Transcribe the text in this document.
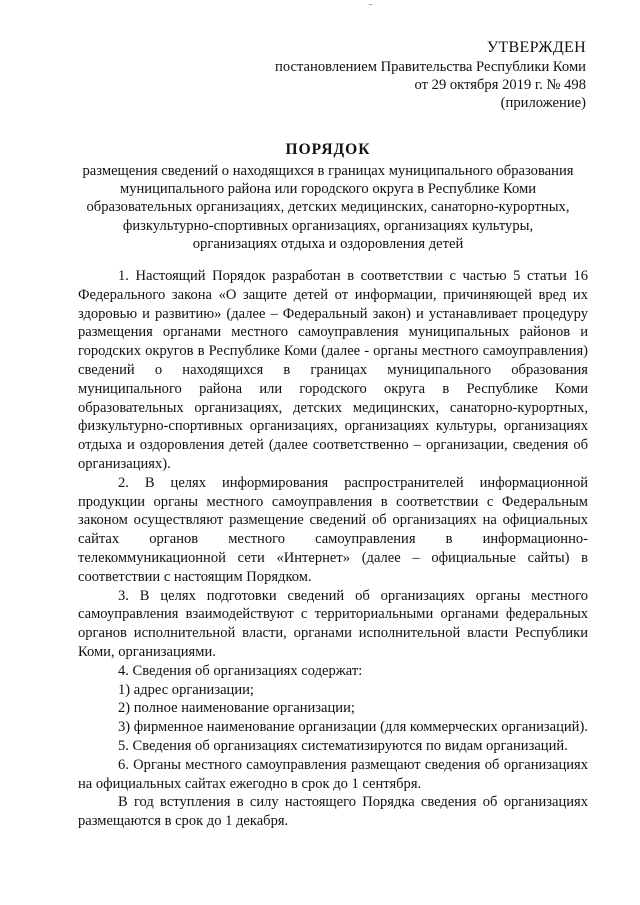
УТВЕРЖДЕН
постановлением Правительства Республики Коми
от 29 октября 2019 г. № 498
(приложение)
ПОРЯДОК
размещения сведений о находящихся в границах муниципального образования муниципального района или городского округа в Республике Коми образовательных организациях, детских медицинских, санаторно-курортных, физкультурно-спортивных организациях, организациях культуры, организациях отдыха и оздоровления детей

1. Настоящий Порядок разработан в соответствии с частью 5 статьи 16 Федерального закона «О защите детей от информации, причиняющей вред их здоровью и развитию» (далее – Федеральный закон) и устанавливает процедуру размещения органами местного самоуправления муниципальных районов и городских округов в Республике Коми (далее - органы местного самоуправления) сведений о находящихся в границах муниципального образования муниципального района или городского округа в Республике Коми образовательных организациях, детских медицинских, санаторно-курортных, физкультурно-спортивных организациях, организациях культуры, организациях отдыха и оздоровления детей (далее соответственно – организации, сведения об организациях).

2. В целях информирования распространителей информационной продукции органы местного самоуправления в соответствии с Федеральным законом осуществляют размещение сведений об организациях на официальных сайтах органов местного самоуправления в информационно-телекоммуникационной сети «Интернет» (далее – официальные сайты) в соответствии с настоящим Порядком.

3. В целях подготовки сведений об организациях органы местного самоуправления взаимодействуют с территориальными органами федеральных органов исполнительной власти, органами исполнительной власти Республики Коми, организациями.

4. Сведения об организациях содержат:

1) адрес организации;

2) полное наименование организации;

3) фирменное наименование организации (для коммерческих организаций).

5. Сведения об организациях систематизируются по видам организаций.

6. Органы местного самоуправления размещают сведения об организациях на официальных сайтах ежегодно в срок до 1 сентября.

В год вступления в силу настоящего Порядка сведения об организациях размещаются в срок до 1 декабря.
